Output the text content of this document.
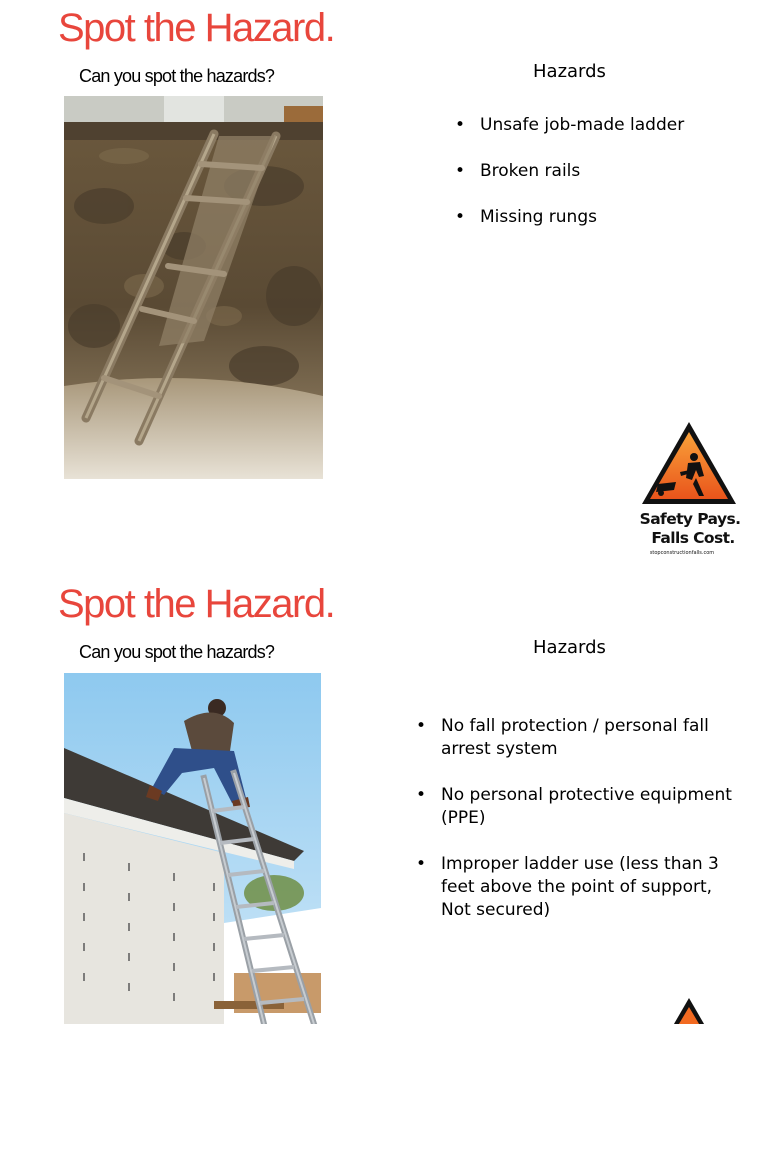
Spot the Hazard.
Can you spot the hazards?	Hazards
• Unsafe job-made ladder
• Broken rails
• Missing rungs
Safety Pays.
Falls Cost.
stopconstructionfalls.com
Spot the Hazard.
Can you spot the hazards?	Hazards
• No fall protection / personal fall arrest system
• No personal protective equipment (PPE)
• Improper ladder use (less than 3 feet above the point of support, Not secured)
